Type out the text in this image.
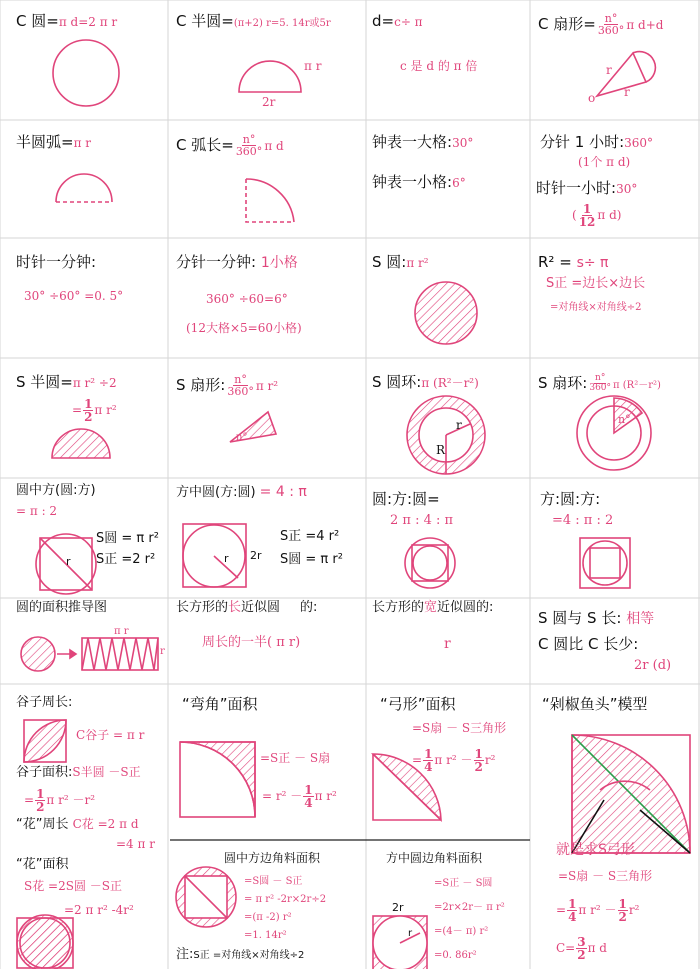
C 圆=π d=2 π r	C 半圆=(π+2) r=5. 14r或5r
π r
2r
d=c÷ π
c 是 d 的 π 倍
C 扇形= $\frac{n^\circ}{360^\circ}$ π d+d
r
r
o
半圆弧=π r	C 弧长= $\frac{n^\circ}{360^\circ}$ π d	钟表一大格:30°
钟表一小格:6°
分针 1 小时:360°
(1个 π d)
时针一小时:30°
( $\frac{1}{12}$ π d)
时针一分钟:
30° ÷60° =0. 5°
分针一分钟: 1小格
360° ÷60=6°
(12大格×5=60小格)
S 圆:π r²	R² = s÷ π
S正 =边长×边长
=对角线×对角线÷2
S 半圆=π r² ÷2
= $\frac{1}{2}$ π r²
S 扇形: $\frac{n^\circ}{360^\circ}$ π r²
n°
S 圆环:π (R²－r²)
r
R
S 扇环: $\frac{n^\circ}{360^\circ}$ π (R²－r²)
n°
圆中方(圆:方)
= π : 2
S圆 = π r²
S正 =2 r²
r
方中圆(方:圆) = 4 : π
S正 =4 r²
S圆 = π r²
r 2r
圆:方:圆=
2 π : 4 : π
方:圆:方:
=4 : π : 2
圆的面积推导图
π r
r
长方形的长近似圆 的:
周长的一半( π r)
长方形的宽近似圆的:
r
S 圆与 S 长: 相等
C 圆比 C 长少:
2r (d)
谷子周长:
C谷子 = π r
谷子面积:S半圆 －S正
= $\frac{1}{2}$ π r² －r²
“花”周长 C花 =2 π d
=4 π r
“花”面积
S花 =2S圆 －S正
=2 π r² -4r²
“弯角”面积
=S正 － S扇
= $r^2 - \frac{1}{4}$ π r²
圆中方边角料面积
=S圆 － S正
= π r² -2r×2r÷2
=(π -2) r²
=1. 14r²
注:S正 =对角线×对角线÷2
“弓形”面积
=S扇 － S三角形
= $\frac{1}{4}$ π $r^2 - \frac{1}{2} r^2$
方中圆边角料面积
2r
r
=S正 － S圆
=2r×2r－ π r²
=(4－ π) r²
=0. 86r²
“剁椒鱼头”模型
就是求S弓形
=S扇 － S三角形
= $\frac{1}{4}$ π $r^2 - \frac{1}{2} r^2$
$C= \frac{3}{2}$ π d
